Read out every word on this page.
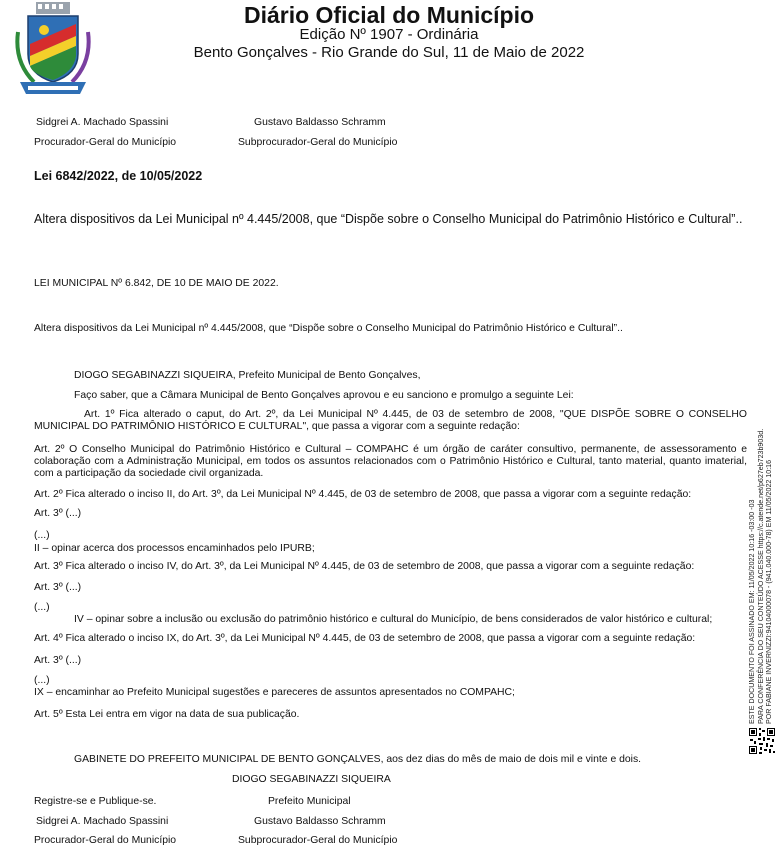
Diário Oficial do Município
Edição Nº 1907 - Ordinária
Bento Gonçalves - Rio Grande do Sul, 11 de Maio de 2022
Sidgrei A. Machado Spassini	Gustavo Baldasso Schramm
Procurador-Geral do Município	Subprocurador-Geral do Município
Lei 6842/2022, de 10/05/2022
Altera dispositivos da Lei Municipal nº 4.445/2008, que “Dispõe sobre o Conselho Municipal do Patrimônio Histórico e Cultural”..
LEI MUNICIPAL Nº 6.842, DE 10 DE MAIO DE 2022.
Altera dispositivos da Lei Municipal nº 4.445/2008, que “Dispõe sobre o Conselho Municipal do Patrimônio Histórico e Cultural”..
DIOGO SEGABINAZZI SIQUEIRA, Prefeito Municipal de Bento Gonçalves,
Faço saber, que a Câmara Municipal de Bento Gonçalves aprovou e eu sanciono e promulgo a seguinte Lei:
Art. 1º Fica alterado o caput, do Art. 2º, da Lei Municipal Nº 4.445, de 03 de setembro de 2008, "QUE DISPÕE SOBRE O CONSELHO MUNICIPAL DO PATRIMÔNIO HISTÓRICO E CULTURAL", que passa a vigorar com a seguinte redação:
Art. 2º O Conselho Municipal do Patrimônio Histórico e Cultural – COMPAHC é um órgão de caráter consultivo, permanente, de assessoramento e colaboração com a Administração Municipal, em todos os assuntos relacionados com o Patrimônio Histórico e Cultural, tanto material, quanto imaterial, com a participação da sociedade civil organizada.
Art. 2º Fica alterado o inciso II, do Art. 3º, da Lei Municipal Nº 4.445, de 03 de setembro de 2008, que passa a vigorar com a seguinte redação:
Art. 3º (...)
(...)
II – opinar acerca dos processos encaminhados pelo IPURB;
Art. 3º Fica alterado o inciso IV, do Art. 3º, da Lei Municipal Nº 4.445, de 03 de setembro de 2008, que passa a vigorar com a seguinte redação:
Art. 3º (...)
(...)
IV – opinar sobre a inclusão ou exclusão do patrimônio histórico e cultural do Município, de bens considerados de valor histórico e cultural;
Art. 4º Fica alterado o inciso IX, do Art. 3º, da Lei Municipal Nº 4.445, de 03 de setembro de 2008, que passa a vigorar com a seguinte redação:
Art. 3º (...)
(...)
IX – encaminhar ao Prefeito Municipal sugestões e pareceres de assuntos apresentados no COMPAHC;
Art. 5º Esta Lei entra em vigor na data de sua publicação.
GABINETE DO PREFEITO MUNICIPAL DE BENTO GONÇALVES, aos dez dias do mês de maio de dois mil e vinte e dois.
DIOGO SEGABINAZZI SIQUEIRA
Registre-se e Publique-se.	Prefeito Municipal
Sidgrei A. Machado Spassini	Gustavo Baldasso Schramm
Procurador-Geral do Município	Subprocurador-Geral do Município
ESTE DOCUMENTO FOI ASSINADO EM: 11/05/2022 10:16 -03:00 -03 PARA CONFERÊNCIA DO SEU CONTEÚDO ACESSE https://c.atende.net/p627eb723b903d. POR FABIANE INVERNIZZI:94104000078 - (941.040.000-78) EM 11/05/2022 10:16
